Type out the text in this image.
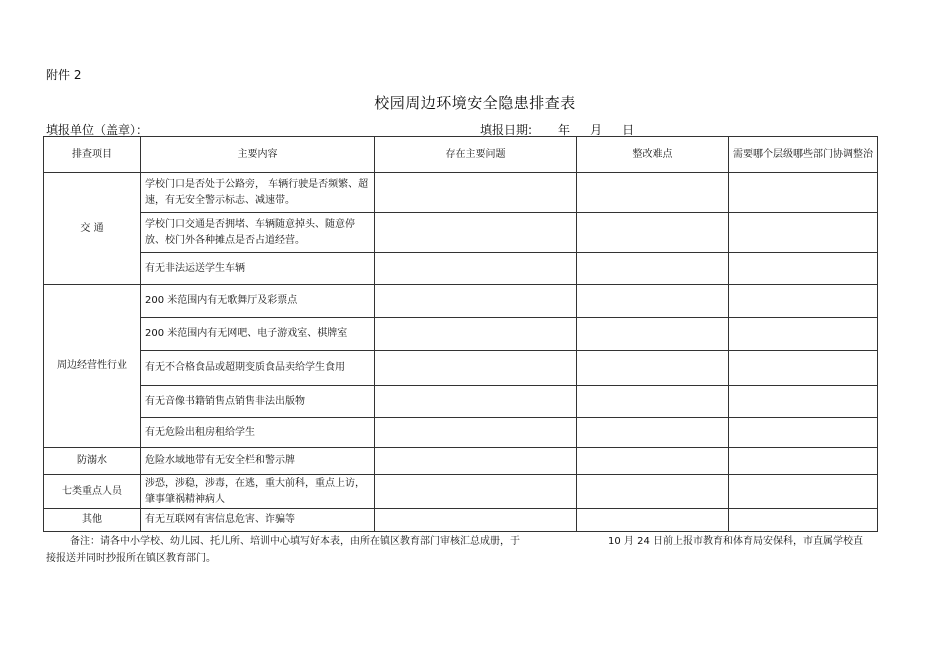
附件 2
校园周边环境安全隐患排查表
填报单位（盖章）：	填报日期: 年 月 日
排查项目	主要内容	存在主要问题	整改难点	需要哪个层级哪些部门协调整治
交 通	学校门口是否处于公路旁， 车辆行驶是否频繁、超速，有无安全警示标志、减速带。			
	学校门口交通是否拥堵、车辆随意掉头、随意停放、校门外各种摊点是否占道经营。			
	有无非法运送学生车辆			
周边经营性行业	200 米范围内有无歌舞厅及彩票点			
	200 米范围内有无网吧、电子游戏室、棋牌室			
	有无不合格食品或超期变质食品卖给学生食用			
	有无音像书籍销售点销售非法出版物			
	有无危险出租房租给学生			
防溺水	危险水域地带有无安全栏和警示牌			
七类重点人员	涉恐，涉稳，涉毒，在逃，重大前科，重点上访，肇事肇祸精神病人			
其他	有无互联网有害信息危害、诈骗等			
备注：请各中小学校、幼儿园、托儿所、培训中心填写好本表，由所在镇区教育部门审核汇总成册，于	10 月 24 日前上报市教育和体育局安保科，市直属学校直
接报送并同时抄报所在镇区教育部门。
